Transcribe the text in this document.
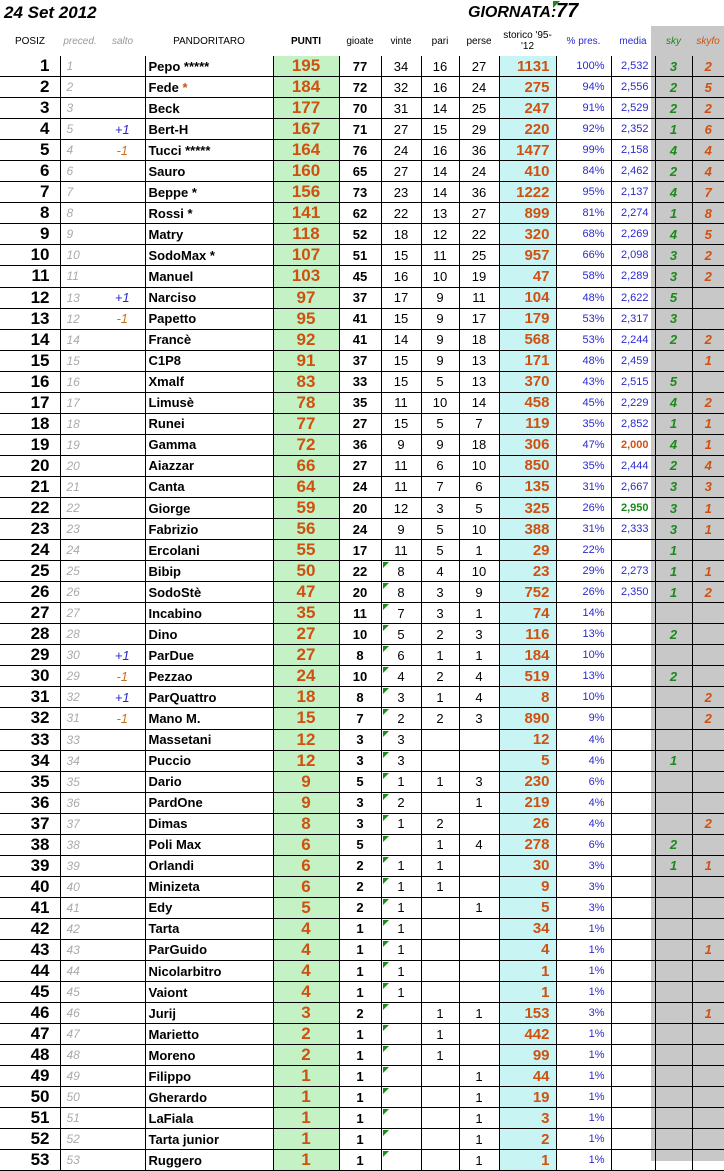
24 Set 2012	GIORNATA: 77
POSIZ	preced.	salto	PANDORITARO	PUNTI	gioate	vinte	pari	perse	storico '95-'12	% pres.	media	sky	skyfo
1	1		Pepo *****	195	77	34	16	27	1131	100%	2,532	3	2
2	2		Fede *	184	72	32	16	24	275	94%	2,556	2	5
3	3		Beck	177	70	31	14	25	247	91%	2,529	2	2
4	5	+1	Bert-H	167	71	27	15	29	220	92%	2,352	1	6
5	4	-1	Tucci *****	164	76	24	16	36	1477	99%	2,158	4	4
6	6		Sauro	160	65	27	14	24	410	84%	2,462	2	4
7	7		Beppe *	156	73	23	14	36	1222	95%	2,137	4	7
8	8		Rossi *	141	62	22	13	27	899	81%	2,274	1	8
9	9		Matry	118	52	18	12	22	320	68%	2,269	4	5
10	10		SodoMax *	107	51	15	11	25	957	66%	2,098	3	2
11	11		Manuel	103	45	16	10	19	47	58%	2,289	3	2
12	13	+1	Narciso	97	37	17	9	11	104	48%	2,622	5	
13	12	-1	Papetto	95	41	15	9	17	179	53%	2,317	3	
14	14		Francè	92	41	14	9	18	568	53%	2,244	2	2
15	15		C1P8	91	37	15	9	13	171	48%	2,459		1
16	16		Xmalf	83	33	15	5	13	370	43%	2,515	5	
17	17		Limusè	78	35	11	10	14	458	45%	2,229	4	2
18	18		Runei	77	27	15	5	7	119	35%	2,852	1	1
19	19		Gamma	72	36	9	9	18	306	47%	2,000	4	1
20	20		Aiazzar	66	27	11	6	10	850	35%	2,444	2	4
21	21		Canta	64	24	11	7	6	135	31%	2,667	3	3
22	22		Giorge	59	20	12	3	5	325	26%	2,950	3	1
23	23		Fabrizio	56	24	9	5	10	388	31%	2,333	3	1
24	24		Ercolani	55	17	11	5	1	29	22%		1	
25	25		Bibip	50	22	8	4	10	23	29%	2,273	1	1
26	26		SodoStè	47	20	8	3	9	752	26%	2,350	1	2
27	27		Incabino	35	11	7	3	1	74	14%			
28	28		Dino	27	10	5	2	3	116	13%		2	
29	30	+1	ParDue	27	8	6	1	1	184	10%			
30	29	-1	Pezzao	24	10	4	2	4	519	13%		2	
31	32	+1	ParQuattro	18	8	3	1	4	8	10%			2
32	31	-1	Mano M.	15	7	2	2	3	890	9%			2
33	33		Massetani	12	3	3			12	4%			
34	34		Puccio	12	3	3			5	4%		1	
35	35		Dario	9	5	1	1	3	230	6%			
36	36		PardOne	9	3	2		1	219	4%			
37	37		Dimas	8	3	1	2		26	4%			2
38	38		Poli Max	6	5		1	4	278	6%		2	
39	39		Orlandi	6	2	1	1		30	3%		1	1
40	40		Minizeta	6	2	1	1		9	3%			
41	41		Edy	5	2	1		1	5	3%			
42	42		Tarta	4	1	1			34	1%			
43	43		ParGuido	4	1	1			4	1%			1
44	44		Nicolarbitro	4	1	1			1	1%			
45	45		Vaiont	4	1	1			1	1%			
46	46		Jurij	3	2		1	1	153	3%			1
47	47		Marietto	2	1		1		442	1%			
48	48		Moreno	2	1		1		99	1%			
49	49		Filippo	1	1			1	44	1%			
50	50		Gherardo	1	1			1	19	1%			
51	51		LaFiala	1	1			1	3	1%			
52	52		Tarta junior	1	1			1	2	1%			
53	53		Ruggero	1	1			1	1	1%			
